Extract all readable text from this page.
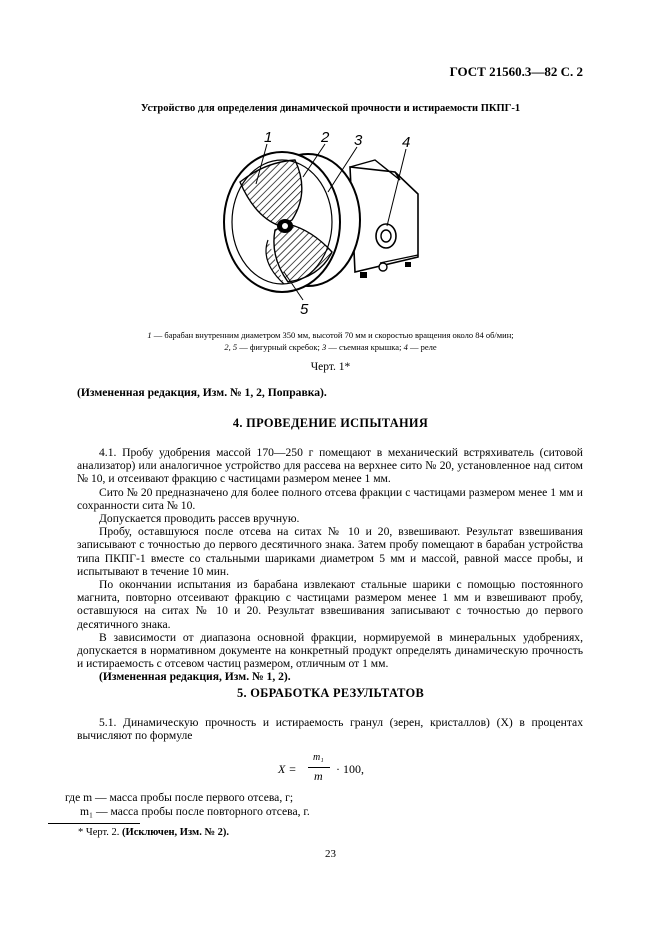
ГОСТ 21560.3—82 С. 2
Устройство для определения динамической прочности и истираемости ПКПГ-1
1	2 3	4
5
1 — барабан внутренним диаметром 350 мм, высотой 70 мм и скоростью вращения около 84 об/мин;
2, 5 — фигурный скребок; 3 — съемная крышка; 4 — реле
Черт. 1*
(Измененная редакция, Изм. № 1, 2, Поправка).
4. ПРОВЕДЕНИЕ ИСПЫТАНИЯ
4.1. Пробу удобрения массой 170—250 г помещают в механический встряхиватель (ситовой анализатор) или аналогичное устройство для рассева на верхнее сито № 20, установленное над ситом № 10, и отсеивают фракцию с частицами размером менее 1 мм.
Сито № 20 предназначено для более полного отсева фракции с частицами размером менее 1 мм и сохранности сита № 10.
Допускается проводить рассев вручную.
Пробу, оставшуюся после отсева на ситах № 10 и 20, взвешивают. Результат взвешивания записывают с точностью до первого десятичного знака. Затем пробу помещают в барабан устройства типа ПКПГ-1 вместе со стальными шариками диаметром 5 мм и массой, равной массе пробы, и испытывают в течение 10 мин.
По окончании испытания из барабана извлекают стальные шарики с помощью постоянного магнита, повторно отсеивают фракцию с частицами размером менее 1 мм и взвешивают пробу, оставшуюся на ситах № 10 и 20. Результат взвешивания записывают с точностью до первого десятичного знака.
В зависимости от диапазона основной фракции, нормируемой в минеральных удобрениях, допускается в нормативном документе на конкретный продукт определять динамическую прочность и истираемость с отсевом частиц размером, отличным от 1 мм.
(Измененная редакция, Изм. № 1, 2).
5. ОБРАБОТКА РЕЗУЛЬТАТОВ
5.1. Динамическую прочность и истираемость гранул (зерен, кристаллов) (X) в процентах вычисляют по формуле
X =
m₁
m · 100,
где m — масса пробы после первого отсева, г;
m₁ — масса пробы после повторного отсева, г.
* Черт. 2. (Исключен, Изм. № 2).
23
